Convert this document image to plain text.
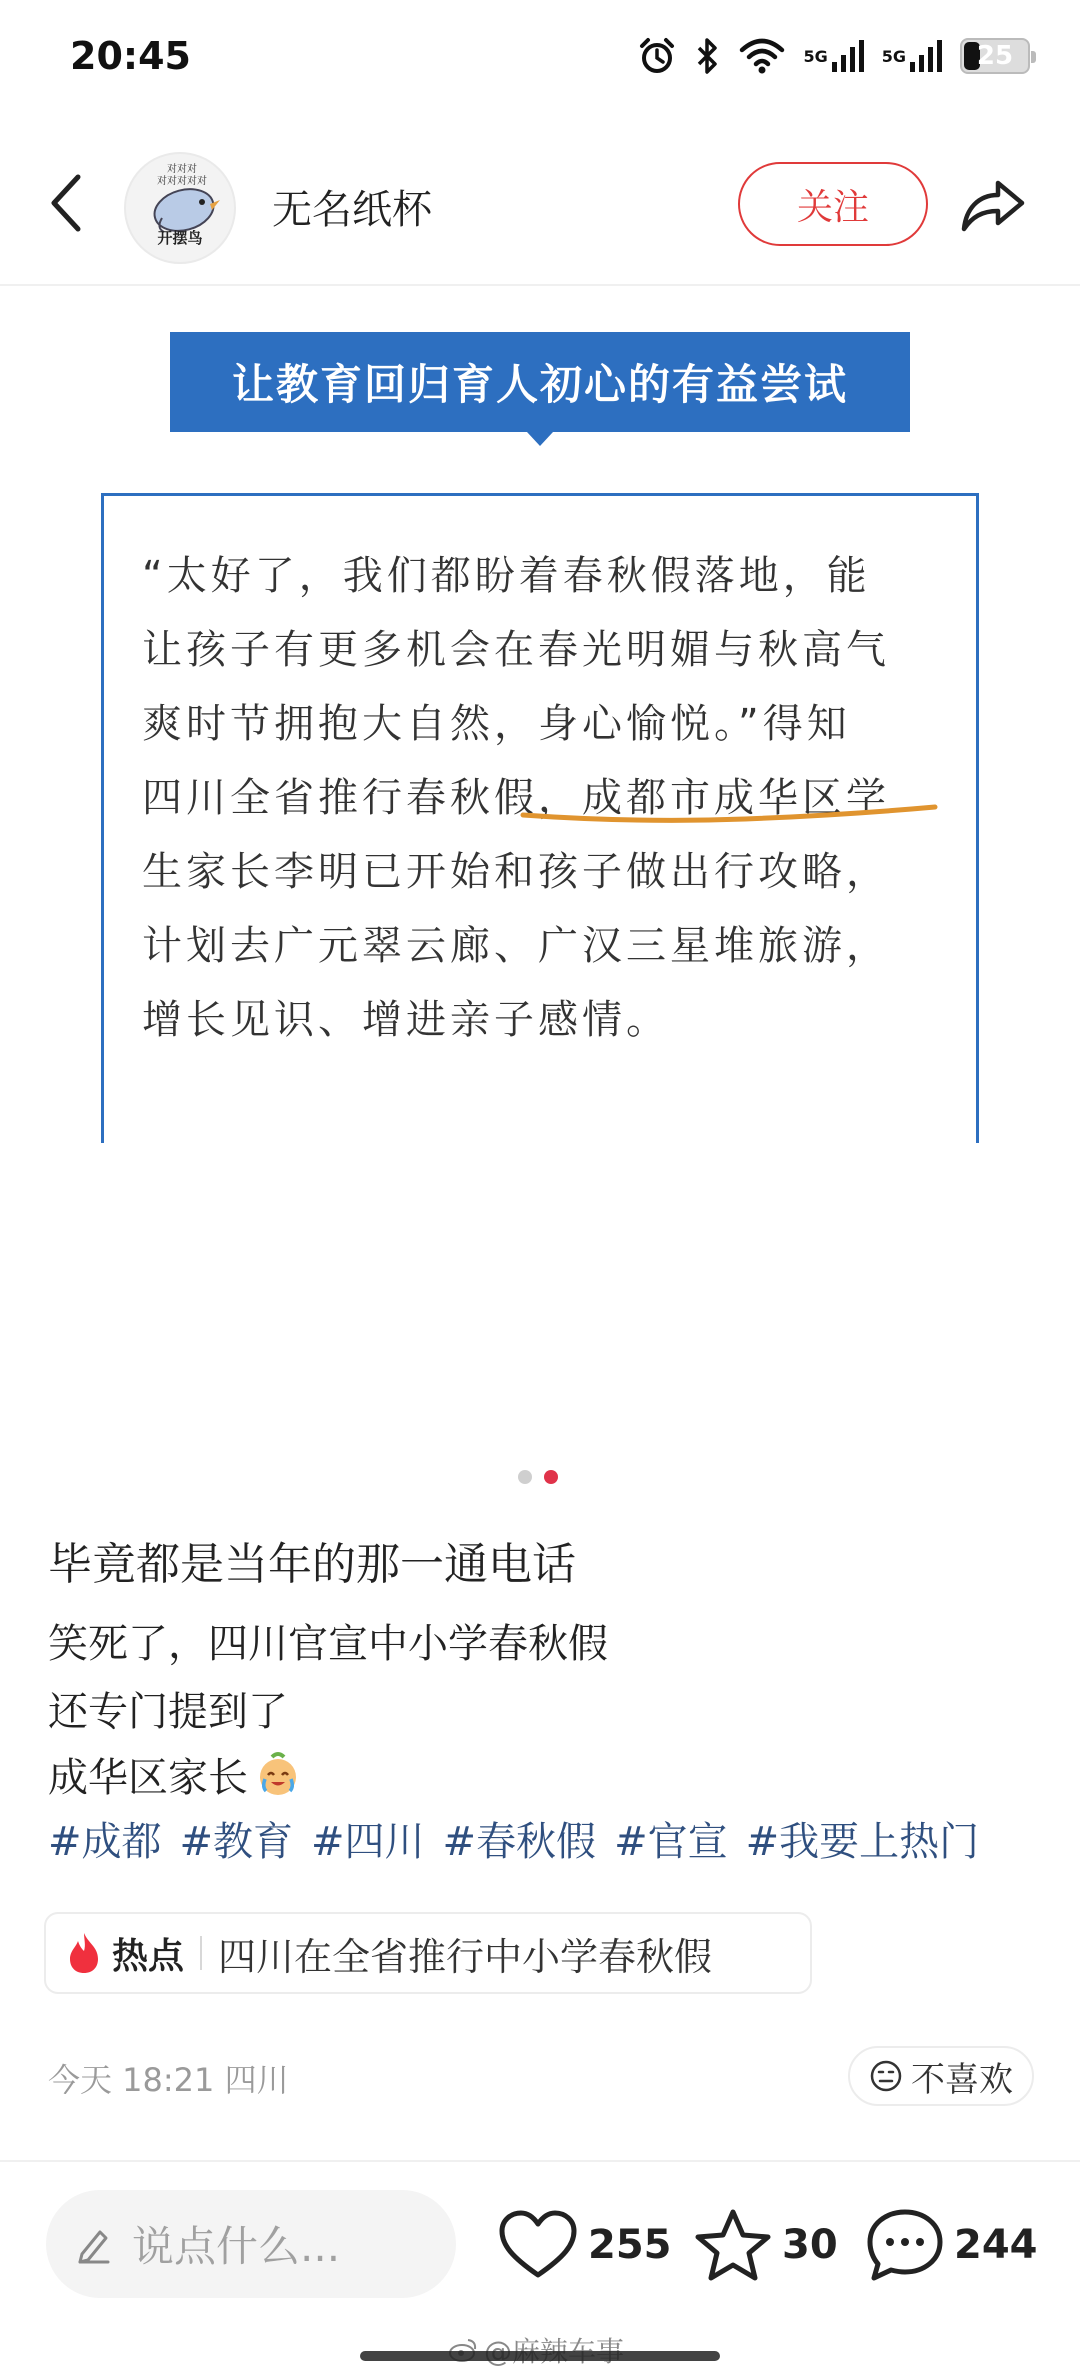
20:45	5G	5G	25
对对对
对对对对对
开摆鸟
无名纸杯	关注
让教育回归育人初心的有益尝试
“太好了，我们都盼着春秋假落地，能
让孩子有更多机会在春光明媚与秋高气
爽时节拥抱大自然，身心愉悦。”得知
四川全省推行春秋假，成都市成华区学
生家长李明已开始和孩子做出行攻略，
计划去广元翠云廊、广汉三星堆旅游，
增长见识、增进亲子感情。
毕竟都是当年的那一通电话
笑死了，四川官宣中小学春秋假
还专门提到了
成华区家长
#成都 #教育 #四川 #春秋假 #官宣 #我要上热门
热点 四川在全省推行中小学春秋假
今天 18:21 四川	不喜欢
说点什么...	255	30	244
